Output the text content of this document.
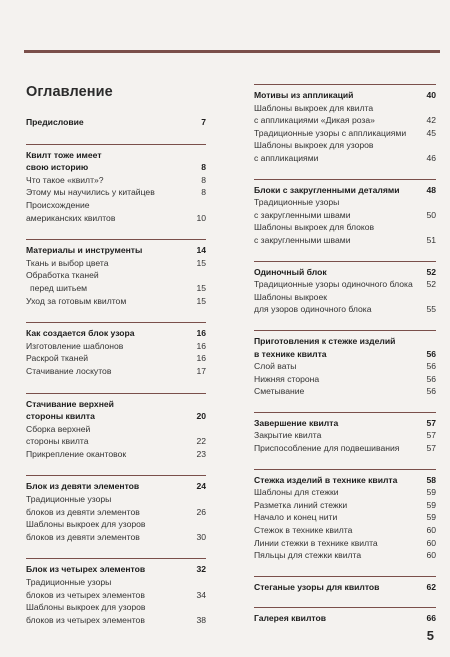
Оглавление
Предисловие	7
Квилт тоже имеет
свою историю	8
Что такое «квилт»?	8
Этому мы научились у китайцев	8
Происхождение
американских квилтов	10
Материалы и инструменты	14
Ткань и выбор цвета	15
Обработка тканей
перед шитьем	15
Уход за готовым квилтом	15
Как создается блок узора	16
Изготовление шаблонов	16
Раскрой тканей	16
Стачивание лоскутов	17
Стачивание верхней
стороны квилта	20
Сборка верхней
стороны квилта	22
Прикрепление окантовок	23
Блок из девяти элементов	24
Традиционные узоры
блоков из девяти элементов	26
Шаблоны выкроек для узоров
блоков из девяти элементов	30
Блок из четырех элементов	32
Традиционные узоры
блоков из четырех элементов	34
Шаблоны выкроек для узоров
блоков из четырех элементов	38
Мотивы из аппликаций	40
Шаблоны выкроек для квилта
с аппликациями «Дикая роза»	42
Традиционные узоры с аппликациями	45
Шаблоны выкроек для узоров
с аппликациями	46
Блоки с закругленными деталями	48
Традиционные узоры
с закругленными швами	50
Шаблоны выкроек для блоков
с закругленными швами	51
Одиночный блок	52
Традиционные узоры одиночного блока	52
Шаблоны выкроек
для узоров одиночного блока	55
Приготовления к стежке изделий
в технике квилта	56
Слой ваты	56
Нижняя сторона	56
Сметывание	56
Завершение квилта	57
Закрытие квилта	57
Приспособление для подвешивания	57
Стежка изделий в технике квилта	58
Шаблоны для стежки	59
Разметка линий стежки	59
Начало и конец нити	59
Стежок в технике квилта	60
Линии стежки в технике квилта	60
Пяльцы для стежки квилта	60
Стеганые узоры для квилтов	62
Галерея квилтов	66
5
